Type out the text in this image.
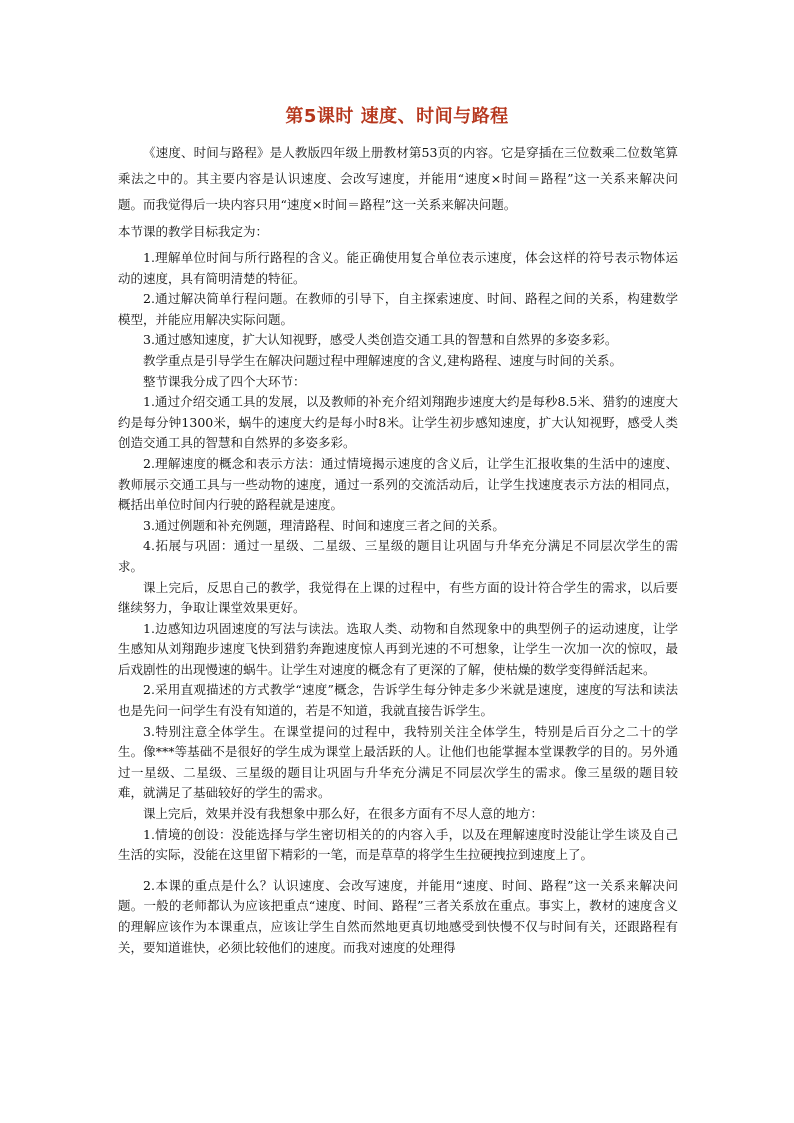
第5课时 速度、时间与路程

《速度、时间与路程》是人教版四年级上册教材第53页的内容。它是穿插在三位数乘二位数笔算乘法之中的。其主要内容是认识速度、会改写速度，并能用“速度×时间＝路程”这一关系来解决问题。而我觉得后一块内容只用“速度×时间＝路程”这一关系来解决问题。

本节课的教学目标我定为：

1.理解单位时间与所行路程的含义。能正确使用复合单位表示速度，体会这样的符号表示物体运动的速度，具有简明清楚的特征。

2.通过解决简单行程问题。在教师的引导下，自主探索速度、时间、路程之间的关系，构建数学模型，并能应用解决实际问题。

3.通过感知速度，扩大认知视野，感受人类创造交通工具的智慧和自然界的多姿多彩。

教学重点是引导学生在解决问题过程中理解速度的含义,建构路程、速度与时间的关系。

整节课我分成了四个大环节：

1.通过介绍交通工具的发展，以及教师的补充介绍刘翔跑步速度大约是每秒8.5米、猎豹的速度大约是每分钟1300米，蜗牛的速度大约是每小时8米。让学生初步感知速度，扩大认知视野，感受人类创造交通工具的智慧和自然界的多姿多彩。

2.理解速度的概念和表示方法：通过情境揭示速度的含义后，让学生汇报收集的生活中的速度、教师展示交通工具与一些动物的速度，通过一系列的交流活动后，让学生找速度表示方法的相同点，概括出单位时间内行驶的路程就是速度。

3.通过例题和补充例题，理清路程、时间和速度三者之间的关系。

4.拓展与巩固：通过一星级、二星级、三星级的题目让巩固与升华充分满足不同层次学生的需求。

课上完后，反思自己的教学，我觉得在上课的过程中，有些方面的设计符合学生的需求，以后要继续努力，争取让课堂效果更好。

1.边感知边巩固速度的写法与读法。选取人类、动物和自然现象中的典型例子的运动速度，让学生感知从刘翔跑步速度飞快到猎豹奔跑速度惊人再到光速的不可想象，让学生一次加一次的惊叹，最后戏剧性的出现慢速的蜗牛。让学生对速度的概念有了更深的了解，使枯燥的数学变得鲜活起来。

2.采用直观描述的方式教学“速度”概念，告诉学生每分钟走多少米就是速度，速度的写法和读法也是先问一问学生有没有知道的，若是不知道，我就直接告诉学生。

3.特别注意全体学生。在课堂提问的过程中，我特别关注全体学生，特别是后百分之二十的学生。像***等基础不是很好的学生成为课堂上最活跃的人。让他们也能掌握本堂课教学的目的。另外通过一星级、二星级、三星级的题目让巩固与升华充分满足不同层次学生的需求。像三星级的题目较难，就满足了基础较好的学生的需求。

课上完后，效果并没有我想象中那么好，在很多方面有不尽人意的地方：

1.情境的创设：没能选择与学生密切相关的的内容入手，以及在理解速度时没能让学生谈及自己生活的实际，没能在这里留下精彩的一笔，而是草草的将学生生拉硬拽拉到速度上了。

2.本课的重点是什么？认识速度、会改写速度，并能用“速度、时间、路程”这一关系来解决问题。一般的老师都认为应该把重点“速度、时间、路程”三者关系放在重点。事实上，教材的速度含义的理解应该作为本课重点，应该让学生自然而然地更真切地感受到快慢不仅与时间有关，还跟路程有关，要知道谁快，必须比较他们的速度。而我对速度的处理得
